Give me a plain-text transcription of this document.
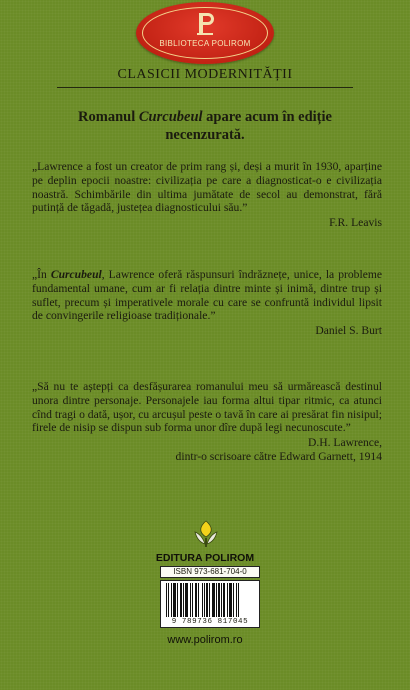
BIBLIOTECA POLIROM
CLASICII MODERNITĂȚII
Romanul Curcubeul apare acum în ediție necenzurată.
„Lawrence a fost un creator de prim rang și, deși a murit în 1930, aparține pe deplin epocii noastre: civilizația pe care a diagnosticat-o e civilizația noastră. Schimbările din ultima jumătate de secol au demonstrat, fără putință de tăgadă, justețea diagnosticului său.”
F.R. Leavis
„În Curcubeul, Lawrence oferă răspunsuri îndrăznețe, unice, la probleme fundamental umane, cum ar fi relația dintre minte și inimă, dintre trup și suflet, precum și imperativele morale cu care se confruntă individul lipsit de convingerile religioase tradiționale.”
Daniel S. Burt
„Să nu te aștepți ca desfășurarea romanului meu să urmărească destinul unora dintre personaje. Personajele iau forma altui tipar ritmic, ca atunci cînd tragi o dată, ușor, cu arcușul peste o tavă în care ai presărat fin nisipul; firele de nisip se dispun sub forma unor dîre după legi necunoscute.”
D.H. Lawrence,
dintr-o scrisoare către Edward Garnett, 1914
EDITURA POLIROM
ISBN 973-681-704-0
9 789736 817045
www.polirom.ro
